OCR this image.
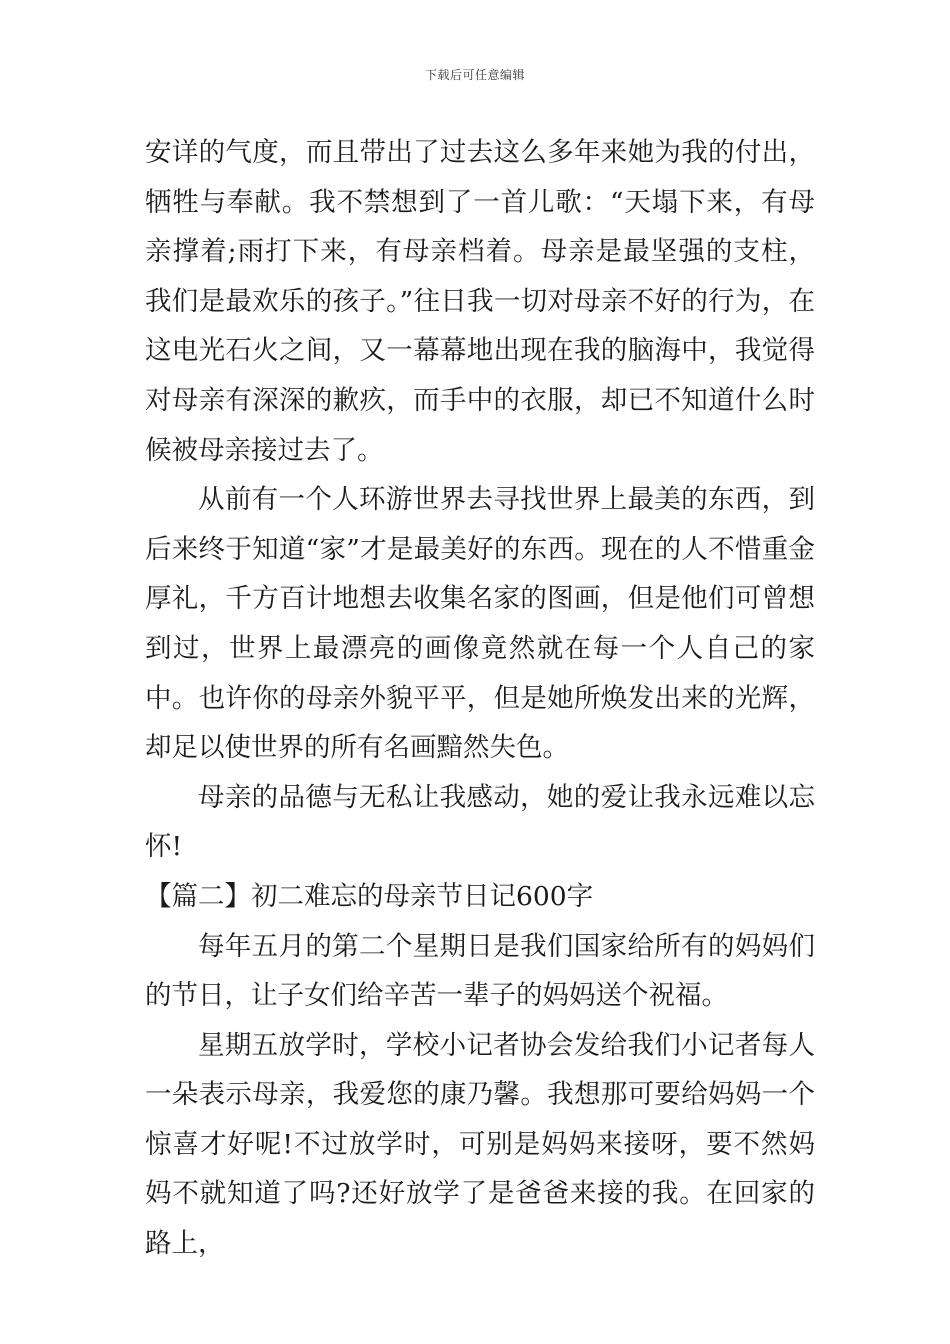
下载后可任意编辑

安详的气度，而且带出了过去这么多年来她为我的付出，牺牲与奉献。我不禁想到了一首儿歌：“天塌下来，有母亲撑着;雨打下来，有母亲档着。母亲是最坚强的支柱，我们是最欢乐的孩子。”往日我一切对母亲不好的行为，在这电光石火之间，又一幕幕地出现在我的脑海中，我觉得对母亲有深深的歉疚，而手中的衣服，却已不知道什么时候被母亲接过去了。

从前有一个人环游世界去寻找世界上最美的东西，到后来终于知道“家”才是最美好的东西。现在的人不惜重金厚礼，千方百计地想去收集名家的图画，但是他们可曾想到过，世界上最漂亮的画像竟然就在每一个人自己的家中。也许你的母亲外貌平平，但是她所焕发出来的光辉，却足以使世界的所有名画黯然失色。

母亲的品德与无私让我感动，她的爱让我永远难以忘怀!

【篇二】初二难忘的母亲节日记600字

每年五月的第二个星期日是我们国家给所有的妈妈们的节日，让子女们给辛苦一辈子的妈妈送个祝福。

星期五放学时，学校小记者协会发给我们小记者每人一朵表示母亲，我爱您的康乃馨。我想那可要给妈妈一个惊喜才好呢!不过放学时，可别是妈妈来接呀，要不然妈妈不就知道了吗?还好放学了是爸爸来接的我。在回家的路上，
